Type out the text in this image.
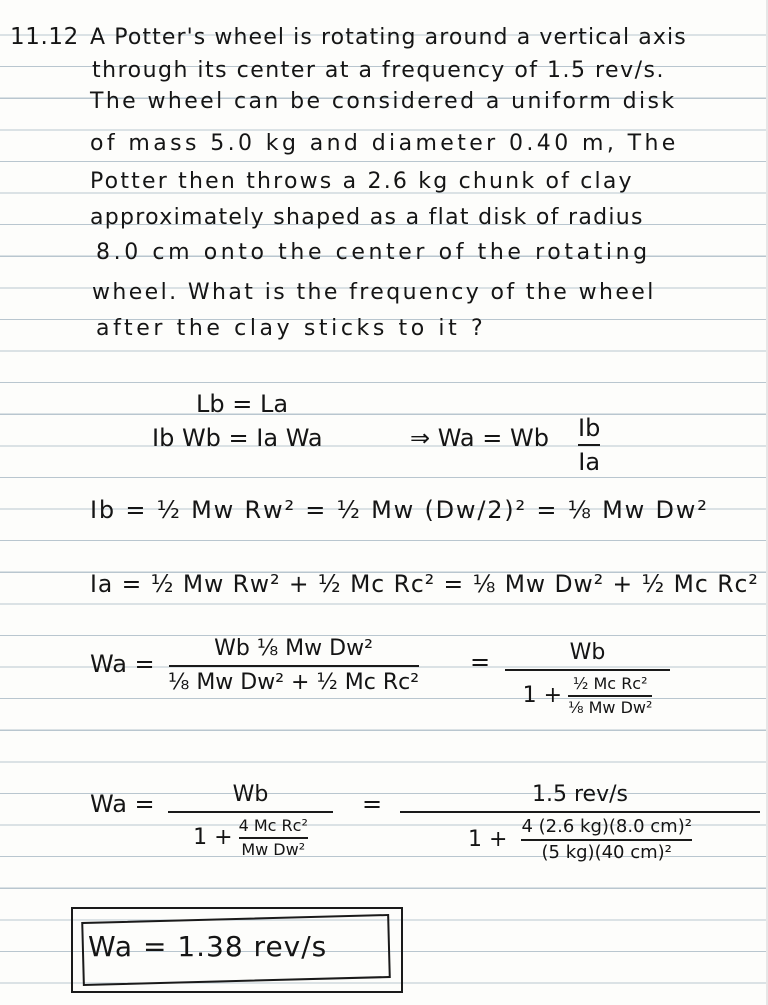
11.12 A Potter's wheel is rotating around a vertical axis
through its center at a frequency of 1.5 rev/s.
The wheel can be considered a uniform disk
of mass 5.0 kg and diameter 0.40 m, The
Potter then throws a 2.6 kg chunk of clay
approximately shaped as a flat disk of radius
8.0 cm onto the center of the rotating
wheel. What is the frequency of the wheel
after the clay sticks to it ?
Lb = La
Ib Wb = Ia Wa	⇒ Wa = Wb Ib
Ia
Ib = ½ Mw Rw² = ½ Mw (Dw/2)² = ⅛ Mw Dw²
Ia = ½ Mw Rw² + ½ Mc Rc² = ⅛ Mw Dw² + ½ Mc Rc²
Wa =
Wb ⅛ Mw Dw²
⅛ Mw Dw² + ½ Mc Rc²
=	Wb
$1 + \frac{\text{½ Mc Rc²}}{\text{⅛ Mw Dw²}}$
Wa =	Wb
$1 + \frac{\text{4 Mc Rc²}}{\text{Mw Dw²}}$
=	1.5 rev/s
$1 + \frac{\text{4 (2.6 kg)(8.0 cm)²}}{\text{(5 kg)(40 cm)²}}$
Wa = 1.38 rev/s
